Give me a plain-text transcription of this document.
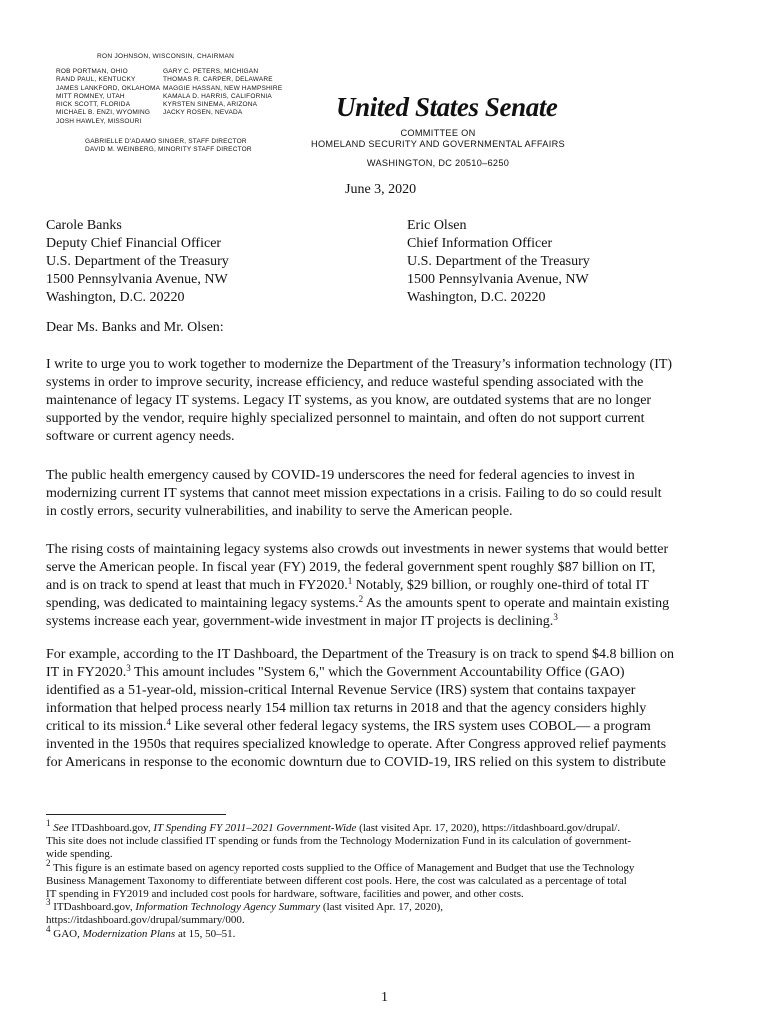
RON JOHNSON, WISCONSIN, CHAIRMAN
ROB PORTMAN, OHIO
RAND PAUL, KENTUCKY
JAMES LANKFORD, OKLAHOMA
MITT ROMNEY, UTAH
RICK SCOTT, FLORIDA
MICHAEL B. ENZI, WYOMING
JOSH HAWLEY, MISSOURI
GARY C. PETERS, MICHIGAN
THOMAS R. CARPER, DELAWARE
MAGGIE HASSAN, NEW HAMPSHIRE
KAMALA D. HARRIS, CALIFORNIA
KYRSTEN SINEMA, ARIZONA
JACKY ROSEN, NEVADA
GABRIELLE D'ADAMO SINGER, STAFF DIRECTOR
DAVID M. WEINBERG, MINORITY STAFF DIRECTOR
United States Senate
COMMITTEE ON
HOMELAND SECURITY AND GOVERNMENTAL AFFAIRS
WASHINGTON, DC 20510–6250
June 3, 2020
Carole Banks
Deputy Chief Financial Officer
U.S. Department of the Treasury
1500 Pennsylvania Avenue, NW
Washington, D.C. 20220
Eric Olsen
Chief Information Officer
U.S. Department of the Treasury
1500 Pennsylvania Avenue, NW
Washington, D.C. 20220
Dear Ms. Banks and Mr. Olsen:
I write to urge you to work together to modernize the Department of the Treasury’s information technology (IT)
systems in order to improve security, increase efficiency, and reduce wasteful spending associated with the
maintenance of legacy IT systems. Legacy IT systems, as you know, are outdated systems that are no longer
supported by the vendor, require highly specialized personnel to maintain, and often do not support current
software or current agency needs.
The public health emergency caused by COVID-19 underscores the need for federal agencies to invest in
modernizing current IT systems that cannot meet mission expectations in a crisis. Failing to do so could result
in costly errors, security vulnerabilities, and inability to serve the American people.
The rising costs of maintaining legacy systems also crowds out investments in newer systems that would better
serve the American people. In fiscal year (FY) 2019, the federal government spent roughly $87 billion on IT,
and is on track to spend at least that much in FY2020.$^1$ Notably, $29 billion, or roughly one-third of total IT
spending, was dedicated to maintaining legacy systems.$^2$ As the amounts spent to operate and maintain existing
systems increase each year, government-wide investment in major IT projects is declining.$^3$
For example, according to the IT Dashboard, the Department of the Treasury is on track to spend $4.8 billion on
IT in FY2020.$^3$ This amount includes "System 6," which the Government Accountability Office (GAO)
identified as a 51-year-old, mission-critical Internal Revenue Service (IRS) system that contains taxpayer
information that helped process nearly 154 million tax returns in 2018 and that the agency considers highly
critical to its mission.$^4$ Like several other federal legacy systems, the IRS system uses COBOL— a program
invented in the 1950s that requires specialized knowledge to operate. After Congress approved relief payments
for Americans in response to the economic downturn due to COVID-19, IRS relied on this system to distribute
$^1$ See ITDashboard.gov, IT Spending FY 2011–2021 Government-Wide (last visited Apr. 17, 2020), https://itdashboard.gov/drupal/.
This site does not include classified IT spending or funds from the Technology Modernization Fund in its calculation of government-
wide spending.
$^2$ This figure is an estimate based on agency reported costs supplied to the Office of Management and Budget that use the Technology
Business Management Taxonomy to differentiate between different cost pools. Here, the cost was calculated as a percentage of total
IT spending in FY2019 and included cost pools for hardware, software, facilities and power, and other costs.
$^3$ ITDashboard.gov, Information Technology Agency Summary (last visited Apr. 17, 2020),
https://itdashboard.gov/drupal/summary/000.
$^4$ GAO, Modernization Plans at 15, 50–51.
1
